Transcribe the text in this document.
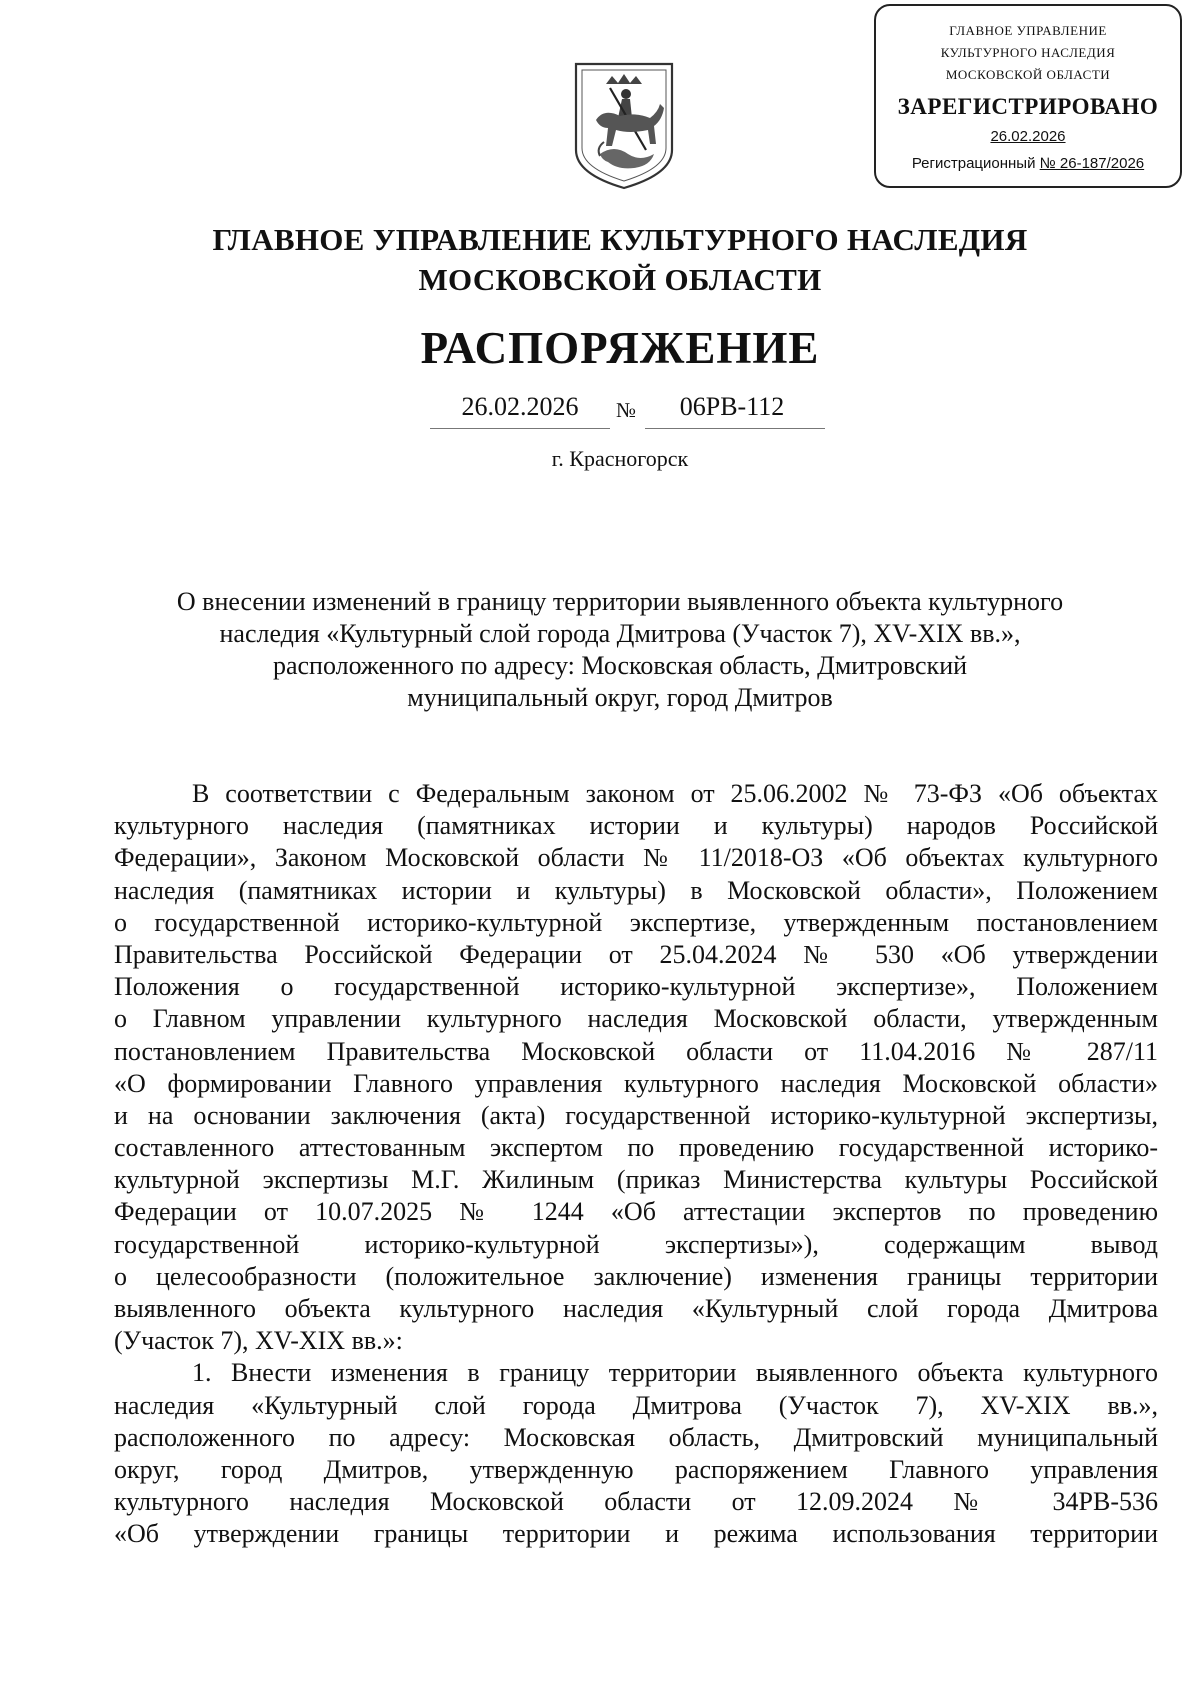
ГЛАВНОЕ УПРАВЛЕНИЕ
КУЛЬТУРНОГО НАСЛЕДИЯ
МОСКОВСКОЙ ОБЛАСТИ
ЗАРЕГИСТРИРОВАНО
26.02.2026
Регистрационный № 26-187/2026
ГЛАВНОЕ УПРАВЛЕНИЕ КУЛЬТУРНОГО НАСЛЕДИЯ
МОСКОВСКОЙ ОБЛАСТИ
РАСПОРЯЖЕНИЕ
26.02.2026	№	06РВ-112
г. Красногорск
О внесении изменений в границу территории выявленного объекта культурного
наследия «Культурный слой города Дмитрова (Участок 7), XV-XIX вв.»,
расположенного по адресу: Московская область, Дмитровский
муниципальный округ, город Дмитров
В соответствии с Федеральным законом от 25.06.2002 № 73-ФЗ «Об объектах
культурного наследия (памятниках истории и культуры) народов Российской
Федерации», Законом Московской области № 11/2018-ОЗ «Об объектах культурного
наследия (памятниках истории и культуры) в Московской области», Положением
о государственной историко-культурной экспертизе, утвержденным постановлением
Правительства Российской Федерации от 25.04.2024 № 530 «Об утверждении
Положения о государственной историко-культурной экспертизе», Положением
о Главном управлении культурного наследия Московской области, утвержденным
постановлением Правительства Московской области от 11.04.2016 № 287/11
«О формировании Главного управления культурного наследия Московской области»
и на основании заключения (акта) государственной историко-культурной экспертизы,
составленного аттестованным экспертом по проведению государственной историко-
культурной экспертизы М.Г. Жилиным (приказ Министерства культуры Российской
Федерации от 10.07.2025 № 1244 «Об аттестации экспертов по проведению
государственной историко-культурной экспертизы»), содержащим вывод
о целесообразности (положительное заключение) изменения границы территории
выявленного объекта культурного наследия «Культурный слой города Дмитрова
(Участок 7), XV-XIX вв.»:
1. Внести изменения в границу территории выявленного объекта культурного
наследия «Культурный слой города Дмитрова (Участок 7), XV-XIX вв.»,
расположенного по адресу: Московская область, Дмитровский муниципальный
округ, город Дмитров, утвержденную распоряжением Главного управления
культурного наследия Московской области от 12.09.2024 № 34РВ-536
«Об утверждении границы территории и режима использования территории
